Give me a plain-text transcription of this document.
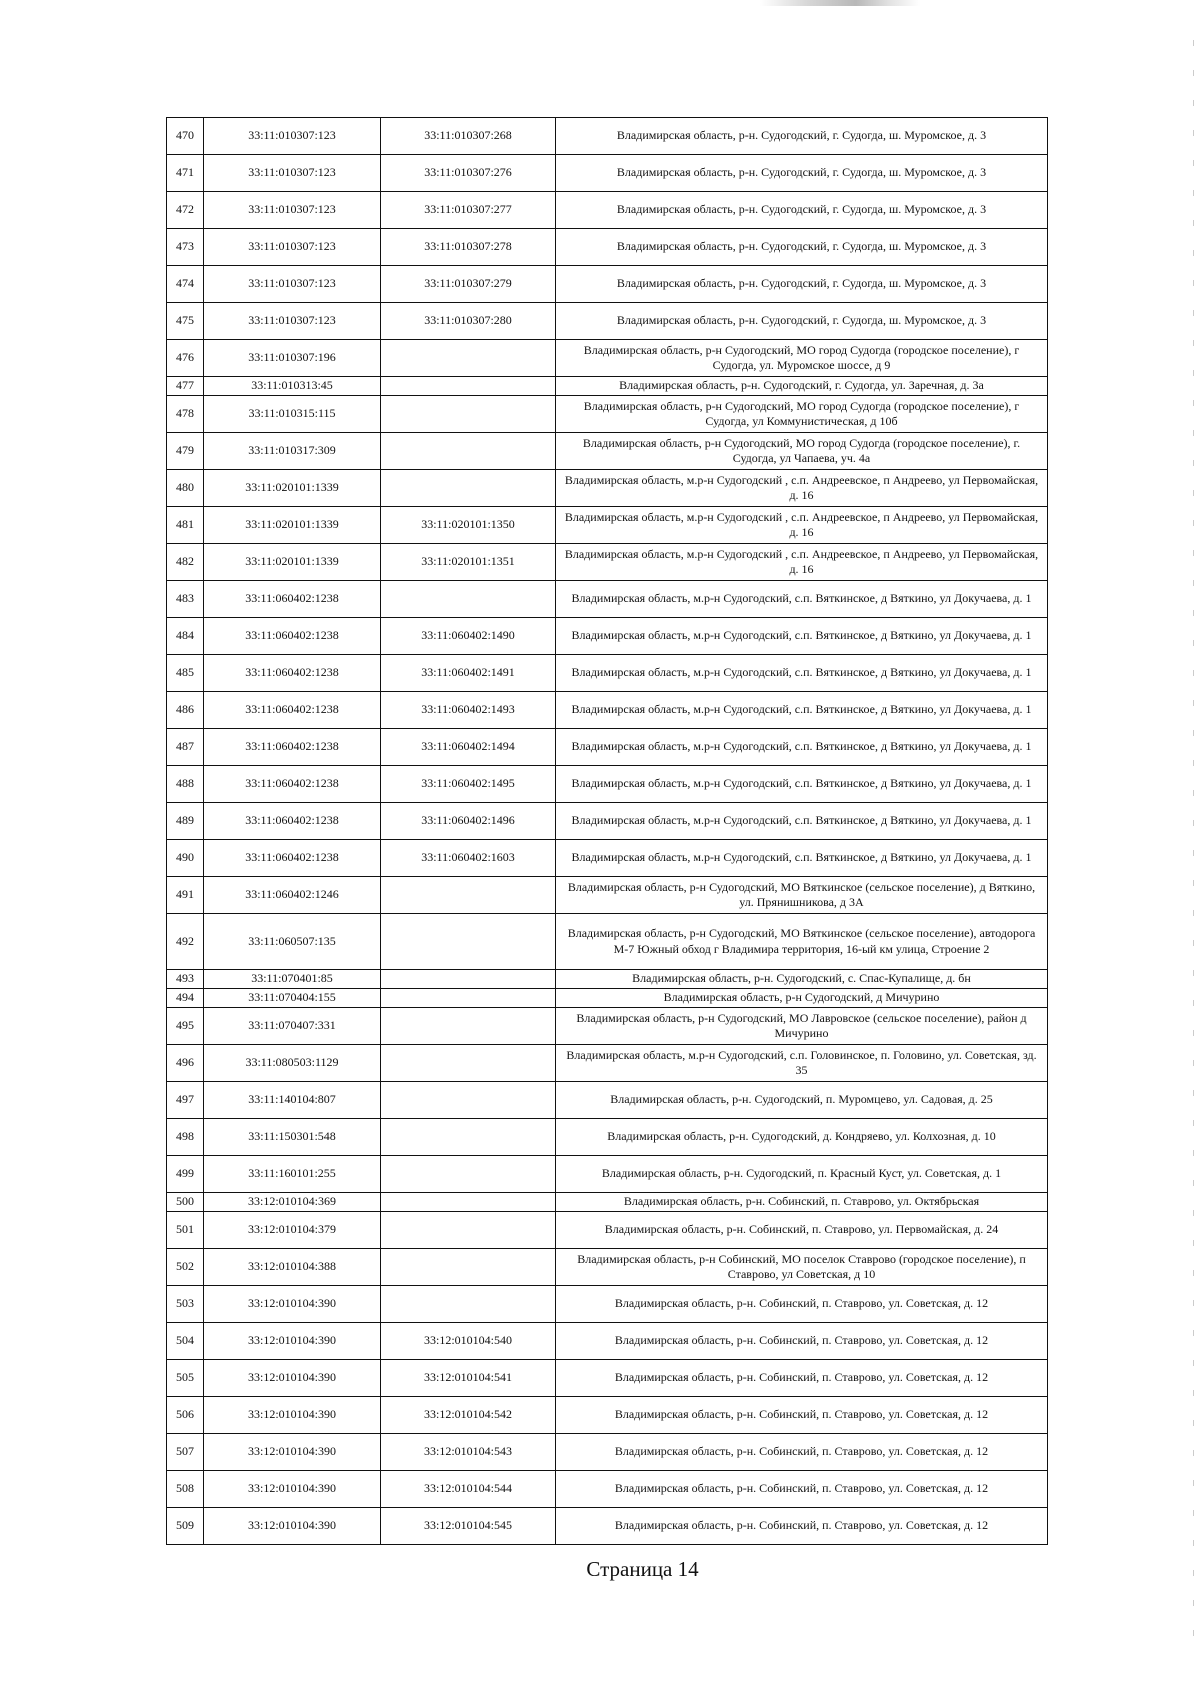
470	33:11:010307:123	33:11:010307:268	Владимирская область, р-н. Судогодский, г. Судогда, ш. Муромское, д. 3
471	33:11:010307:123	33:11:010307:276	Владимирская область, р-н. Судогодский, г. Судогда, ш. Муромское, д. 3
472	33:11:010307:123	33:11:010307:277	Владимирская область, р-н. Судогодский, г. Судогда, ш. Муромское, д. 3
473	33:11:010307:123	33:11:010307:278	Владимирская область, р-н. Судогодский, г. Судогда, ш. Муромское, д. 3
474	33:11:010307:123	33:11:010307:279	Владимирская область, р-н. Судогодский, г. Судогда, ш. Муромское, д. 3
475	33:11:010307:123	33:11:010307:280	Владимирская область, р-н. Судогодский, г. Судогда, ш. Муромское, д. 3
476	33:11:010307:196		Владимирская область, р-н Судогодский, МО город Судогда (городское поселение), г Судогда, ул. Муромское шоссе, д 9
477	33:11:010313:45		Владимирская область, р-н. Судогодский, г. Судогда, ул. Заречная, д. 3а
478	33:11:010315:115		Владимирская область, р-н Судогодский, МО город Судогда (городское поселение), г Судогда, ул Коммунистическая, д 10б
479	33:11:010317:309		Владимирская область, р-н Судогодский, МО город Судогда (городское поселение), г. Судогда, ул Чапаева, уч. 4а
480	33:11:020101:1339		Владимирская область, м.р-н Судогодский , с.п. Андреевское, п Андреево, ул Первомайская, д. 16
481	33:11:020101:1339	33:11:020101:1350	Владимирская область, м.р-н Судогодский , с.п. Андреевское, п Андреево, ул Первомайская, д. 16
482	33:11:020101:1339	33:11:020101:1351	Владимирская область, м.р-н Судогодский , с.п. Андреевское, п Андреево, ул Первомайская, д. 16
483	33:11:060402:1238		Владимирская область, м.р-н Судогодский, с.п. Вяткинское, д Вяткино, ул Докучаева, д. 1
484	33:11:060402:1238	33:11:060402:1490	Владимирская область, м.р-н Судогодский, с.п. Вяткинское, д Вяткино, ул Докучаева, д. 1
485	33:11:060402:1238	33:11:060402:1491	Владимирская область, м.р-н Судогодский, с.п. Вяткинское, д Вяткино, ул Докучаева, д. 1
486	33:11:060402:1238	33:11:060402:1493	Владимирская область, м.р-н Судогодский, с.п. Вяткинское, д Вяткино, ул Докучаева, д. 1
487	33:11:060402:1238	33:11:060402:1494	Владимирская область, м.р-н Судогодский, с.п. Вяткинское, д Вяткино, ул Докучаева, д. 1
488	33:11:060402:1238	33:11:060402:1495	Владимирская область, м.р-н Судогодский, с.п. Вяткинское, д Вяткино, ул Докучаева, д. 1
489	33:11:060402:1238	33:11:060402:1496	Владимирская область, м.р-н Судогодский, с.п. Вяткинское, д Вяткино, ул Докучаева, д. 1
490	33:11:060402:1238	33:11:060402:1603	Владимирская область, м.р-н Судогодский, с.п. Вяткинское, д Вяткино, ул Докучаева, д. 1
491	33:11:060402:1246		Владимирская область, р-н Судогодский, МО Вяткинское (сельское поселение), д Вяткино, ул. Прянишникова, д 3А
492	33:11:060507:135		Владимирская область, р-н Судогодский, МО Вяткинское (сельское поселение), автодорога М-7 Южный обход г Владимира территория, 16-ый км улица, Строение 2
493	33:11:070401:85		Владимирская область, р-н. Судогодский, с. Спас-Купалище, д. бн
494	33:11:070404:155		Владимирская область, р-н Судогодский, д Мичурино
495	33:11:070407:331		Владимирская область, р-н Судогодский, МО Лавровское (сельское поселение), район д Мичурино
496	33:11:080503:1129		Владимирская область, м.р-н Судогодский, с.п. Головинское, п. Головино, ул. Советская, зд. 35
497	33:11:140104:807		Владимирская область, р-н. Судогодский, п. Муромцево, ул. Садовая, д. 25
498	33:11:150301:548		Владимирская область, р-н. Судогодский, д. Кондряево, ул. Колхозная, д. 10
499	33:11:160101:255		Владимирская область, р-н. Судогодский, п. Красный Куст, ул. Советская, д. 1
500	33:12:010104:369		Владимирская область, р-н. Собинский, п. Ставрово, ул. Октябрьская
501	33:12:010104:379		Владимирская область, р-н. Собинский, п. Ставрово, ул. Первомайская, д. 24
502	33:12:010104:388		Владимирская область, р-н Собинский, МО поселок Ставрово (городское поселение), п Ставрово, ул Советская, д 10
503	33:12:010104:390		Владимирская область, р-н. Собинский, п. Ставрово, ул. Советская, д. 12
504	33:12:010104:390	33:12:010104:540	Владимирская область, р-н. Собинский, п. Ставрово, ул. Советская, д. 12
505	33:12:010104:390	33:12:010104:541	Владимирская область, р-н. Собинский, п. Ставрово, ул. Советская, д. 12
506	33:12:010104:390	33:12:010104:542	Владимирская область, р-н. Собинский, п. Ставрово, ул. Советская, д. 12
507	33:12:010104:390	33:12:010104:543	Владимирская область, р-н. Собинский, п. Ставрово, ул. Советская, д. 12
508	33:12:010104:390	33:12:010104:544	Владимирская область, р-н. Собинский, п. Ставрово, ул. Советская, д. 12
509	33:12:010104:390	33:12:010104:545	Владимирская область, р-н. Собинский, п. Ставрово, ул. Советская, д. 12
Страница 14
